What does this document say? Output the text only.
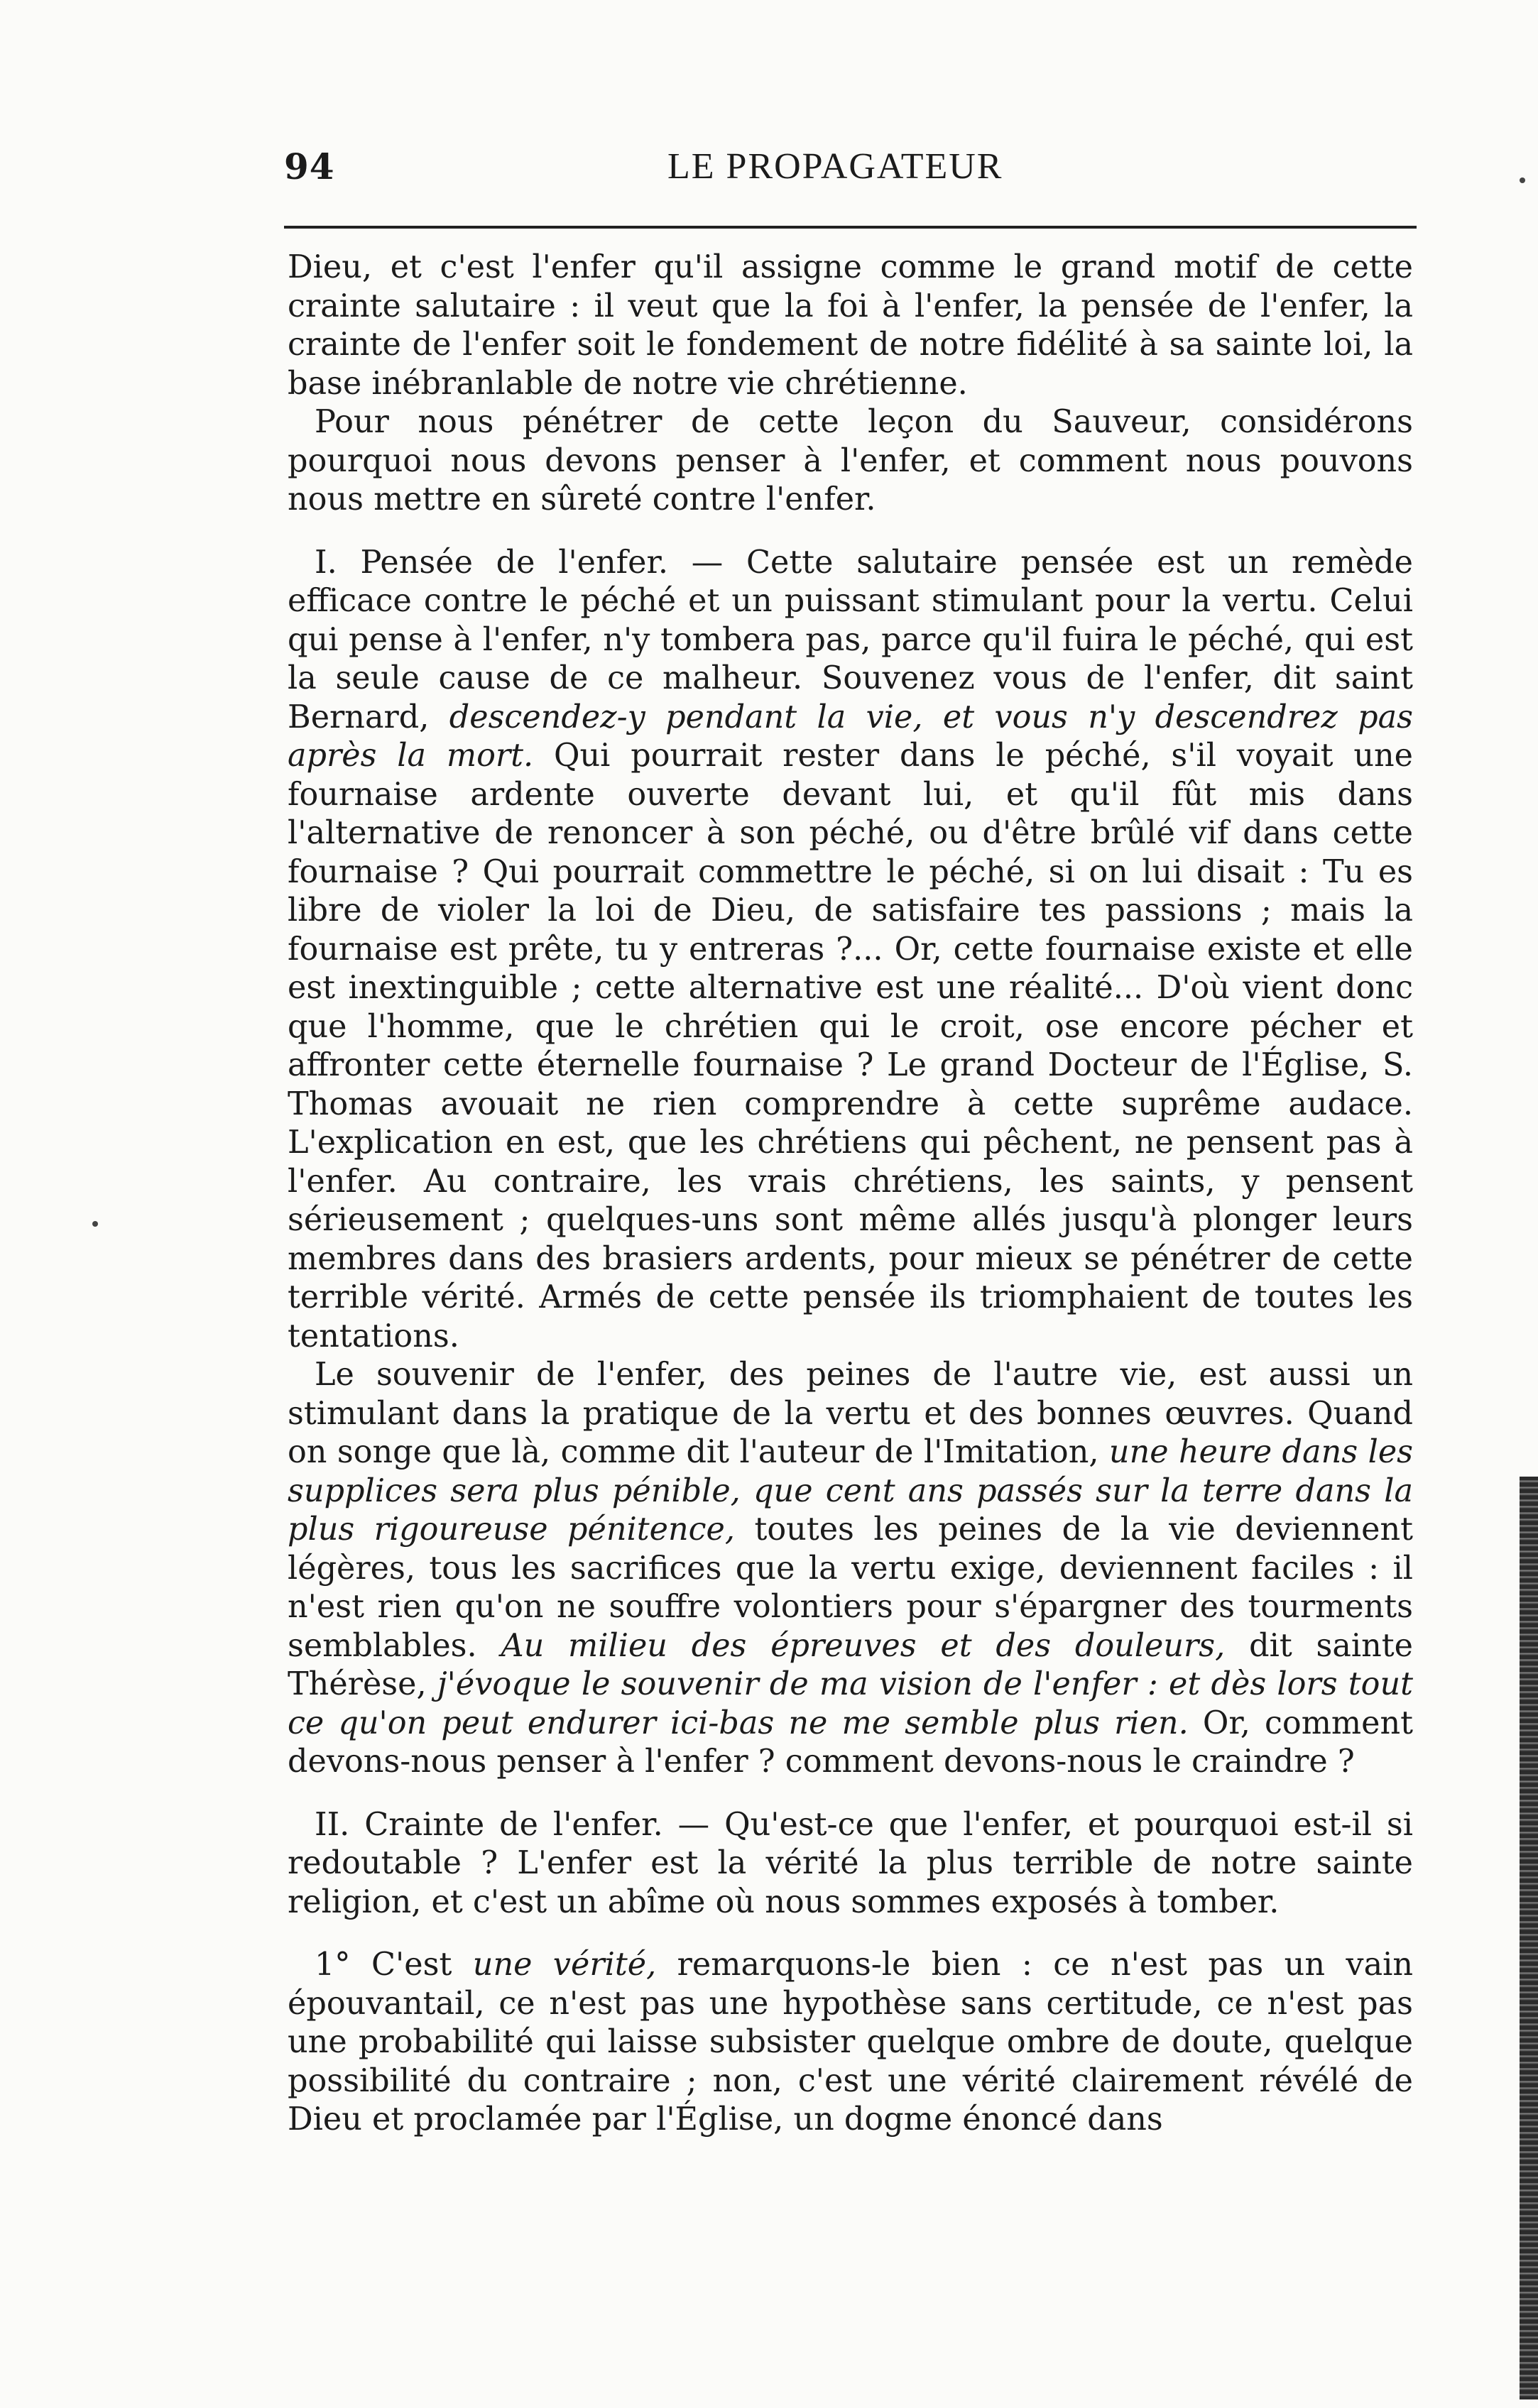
94	LE PROPAGATEUR

Dieu, et c'est l'enfer qu'il assigne comme le grand motif de cette crainte salutaire : il veut que la foi à l'enfer, la pensée de l'enfer, la crainte de l'enfer soit le fondement de notre fidélité à sa sainte loi, la base inébranlable de notre vie chrétienne.

Pour nous pénétrer de cette leçon du Sauveur, considérons pourquoi nous devons penser à l'enfer, et comment nous pouvons nous mettre en sûreté contre l'enfer.

I. Pensée de l'enfer. — Cette salutaire pensée est un remède efficace contre le péché et un puissant stimulant pour la vertu. Celui qui pense à l'enfer, n'y tombera pas, parce qu'il fuira le péché, qui est la seule cause de ce malheur. Souvenez vous de l'enfer, dit saint Bernard, descendez-y pendant la vie, et vous n'y descendrez pas après la mort. Qui pourrait rester dans le péché, s'il voyait une fournaise ardente ouverte devant lui, et qu'il fût mis dans l'alternative de renoncer à son péché, ou d'être brûlé vif dans cette fournaise ? Qui pourrait commettre le péché, si on lui disait : Tu es libre de violer la loi de Dieu, de satisfaire tes passions ; mais la fournaise est prête, tu y entreras ?... Or, cette fournaise existe et elle est inextinguible ; cette alternative est une réalité... D'où vient donc que l'homme, que le chrétien qui le croit, ose encore pécher et affronter cette éternelle fournaise ? Le grand Docteur de l'Église, S. Thomas avouait ne rien comprendre à cette suprême audace. L'explication en est, que les chrétiens qui pêchent, ne pensent pas à l'enfer. Au contraire, les vrais chrétiens, les saints, y pensent sérieusement ; quelques-uns sont même allés jusqu'à plonger leurs membres dans des brasiers ardents, pour mieux se pénétrer de cette terrible vérité. Armés de cette pensée ils triomphaient de toutes les tentations.

Le souvenir de l'enfer, des peines de l'autre vie, est aussi un stimulant dans la pratique de la vertu et des bonnes œuvres. Quand on songe que là, comme dit l'auteur de l'Imitation, une heure dans les supplices sera plus pénible, que cent ans passés sur la terre dans la plus rigoureuse pénitence, toutes les peines de la vie deviennent légères, tous les sacrifices que la vertu exige, deviennent faciles : il n'est rien qu'on ne souffre volontiers pour s'épargner des tourments semblables. Au milieu des épreuves et des douleurs, dit sainte Thérèse, j'évoque le souvenir de ma vision de l'enfer : et dès lors tout ce qu'on peut endurer ici-bas ne me semble plus rien. Or, comment devons-nous penser à l'enfer ? comment devons-nous le craindre ?

II. Crainte de l'enfer. — Qu'est-ce que l'enfer, et pourquoi est-il si redoutable ? L'enfer est la vérité la plus terrible de notre sainte religion, et c'est un abîme où nous sommes exposés à tomber.

1° C'est une vérité, remarquons-le bien : ce n'est pas un vain épouvantail, ce n'est pas une hypothèse sans certitude, ce n'est pas une probabilité qui laisse subsister quelque ombre de doute, quelque possibilité du contraire ; non, c'est une vérité clairement révélé de Dieu et proclamée par l'Église, un dogme énoncé dans
